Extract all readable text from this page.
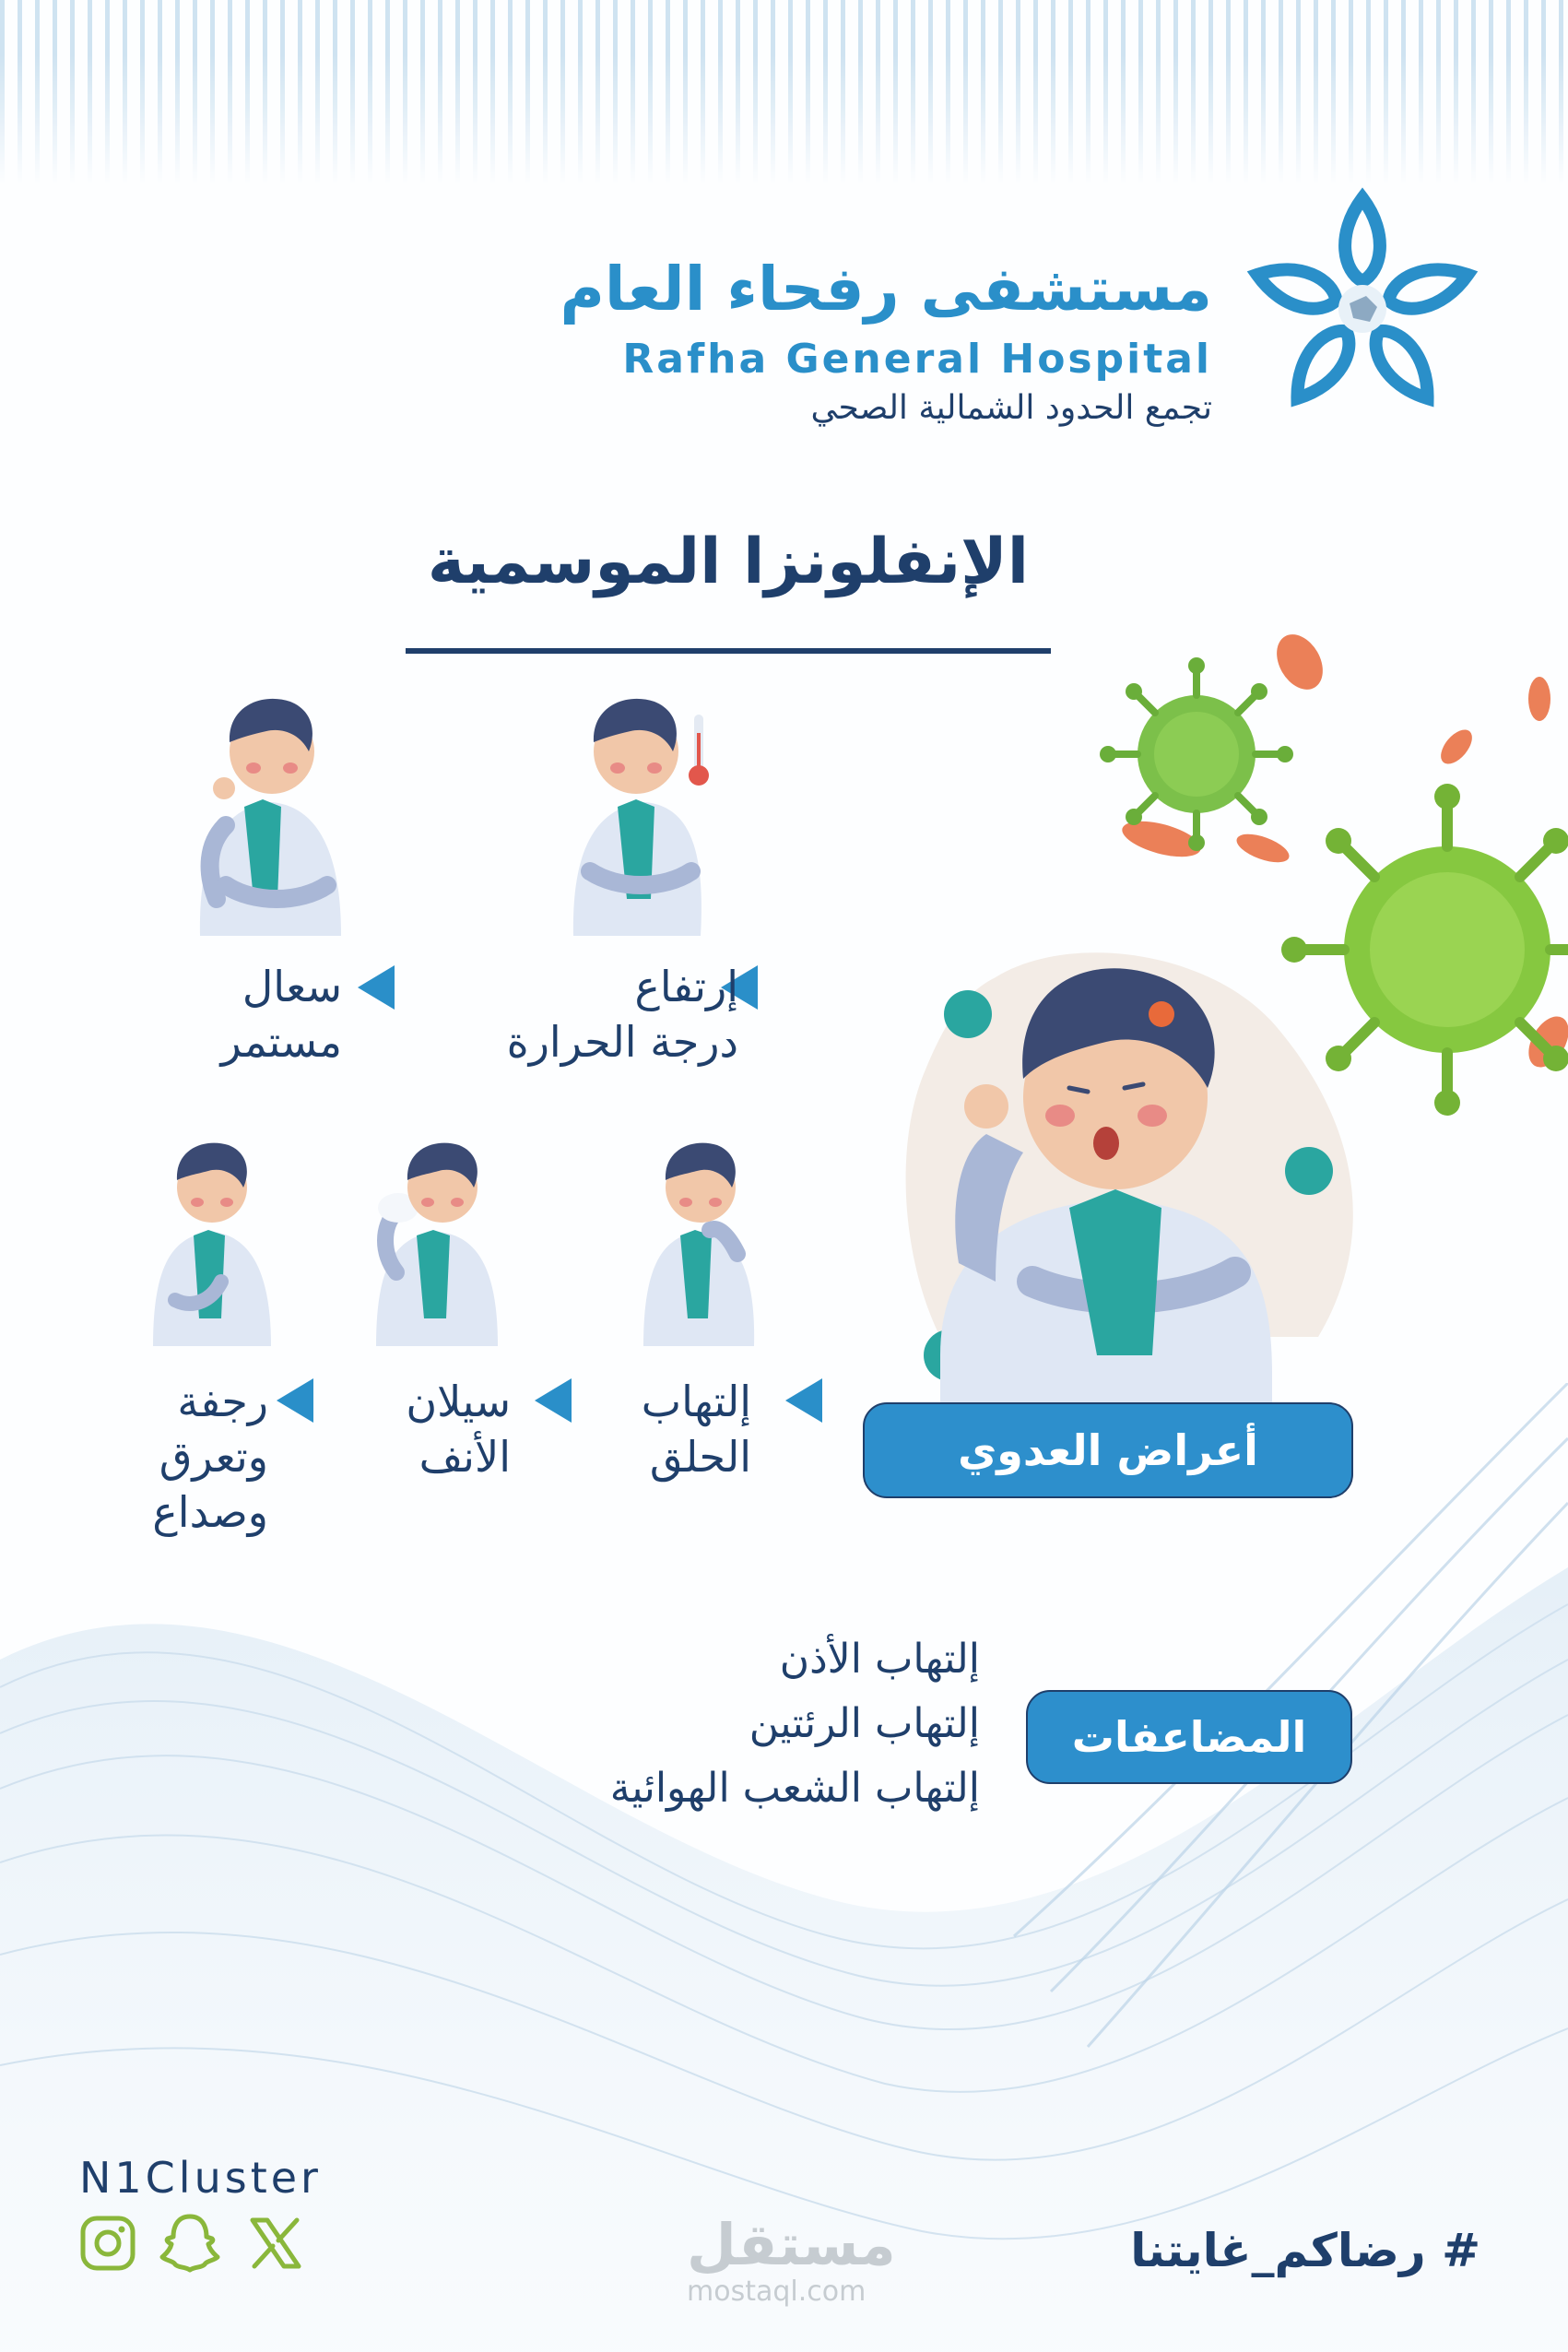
مستشفى رفحاء العام
Rafha General Hospital
تجمع الحدود الشمالية الصحي
الإنفلونزا الموسمية
إرتفاع
درجة الحرارة
سعال
مستمر
إلتهاب
الحلق
سيلان
الأنف
رجفة
وتعرق
وصداع
أعراض العدوي
المضاعفات
إلتهاب الأذن
إلتهاب الرئتين
إلتهاب الشعب الهوائية
N1Cluster
مستقل
mostaql.com
# رضاكم_غايتنا
